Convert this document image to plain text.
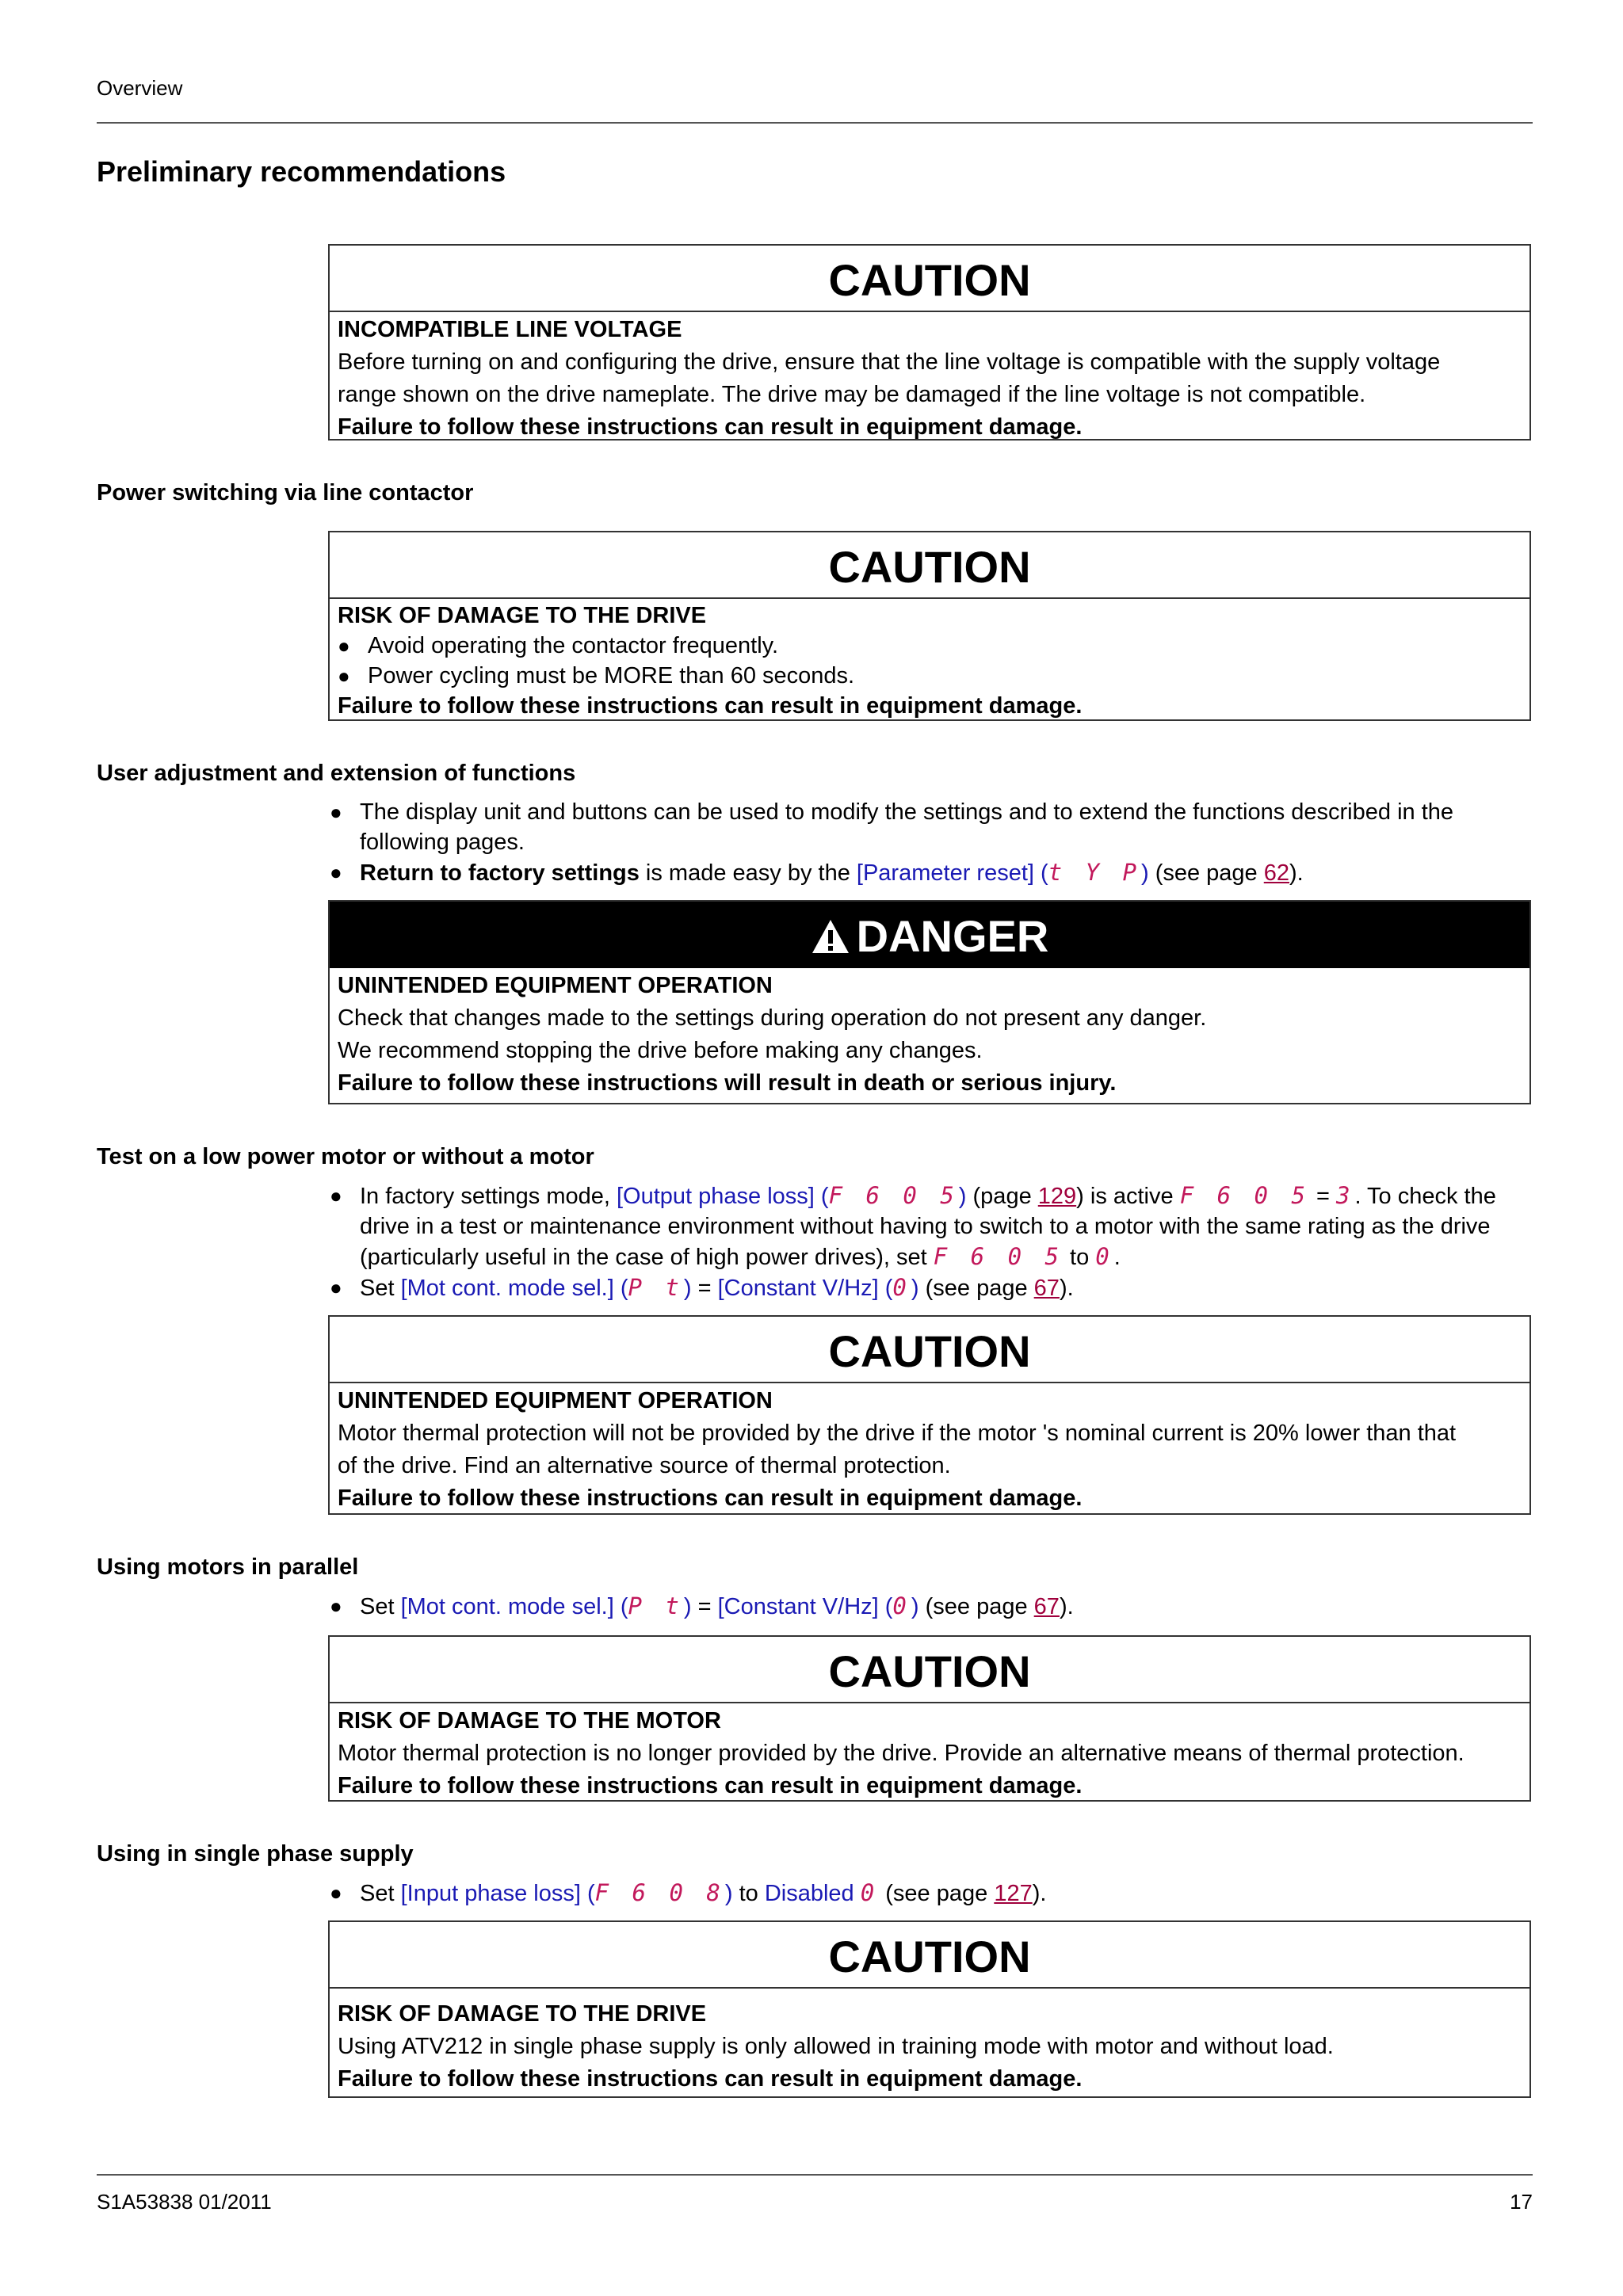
Overview
Preliminary recommendations
CAUTION
INCOMPATIBLE LINE VOLTAGE
Before turning on and configuring the drive, ensure that the line voltage is compatible with the supply voltage
range shown on the drive nameplate. The drive may be damaged if the line voltage is not compatible.
Failure to follow these instructions can result in equipment damage.
Power switching via line contactor
CAUTION
RISK OF DAMAGE TO THE DRIVE
● Avoid operating the contactor frequently.
● Power cycling must be MORE than 60 seconds.
Failure to follow these instructions can result in equipment damage.
User adjustment and extension of functions
● The display unit and buttons can be used to modify the settings and to extend the functions described in the following pages.
● Return to factory settings is made easy by the [Parameter reset] (t Y P) (see page 62).
DANGER
UNINTENDED EQUIPMENT OPERATION
Check that changes made to the settings during operation do not present any danger.
We recommend stopping the drive before making any changes.
Failure to follow these instructions will result in death or serious injury.
Test on a low power motor or without a motor
● In factory settings mode, [Output phase loss] (F 6 0 5) (page 129) is active F 6 0 5 = 3. To check the drive in a test or maintenance environment without having to switch to a motor with the same rating as the drive (particularly useful in the case of high power drives), set F 6 0 5 to 0.
● Set [Mot cont. mode sel.] (P t) = [Constant V/Hz] (0) (see page 67).
CAUTION
UNINTENDED EQUIPMENT OPERATION
Motor thermal protection will not be provided by the drive if the motor 's nominal current is 20% lower than that
of the drive. Find an alternative source of thermal protection.
Failure to follow these instructions can result in equipment damage.
Using motors in parallel
● Set [Mot cont. mode sel.] (P t) = [Constant V/Hz] (0) (see page 67).
CAUTION
RISK OF DAMAGE TO THE MOTOR
Motor thermal protection is no longer provided by the drive. Provide an alternative means of thermal protection.
Failure to follow these instructions can result in equipment damage.
Using in single phase supply
● Set [Input phase loss] (F 6 0 8) to Disabled 0 (see page 127).
CAUTION
RISK OF DAMAGE TO THE DRIVE
Using ATV212 in single phase supply is only allowed in training mode with motor and without load.
Failure to follow these instructions can result in equipment damage.
S1A53838 01/2011	17
